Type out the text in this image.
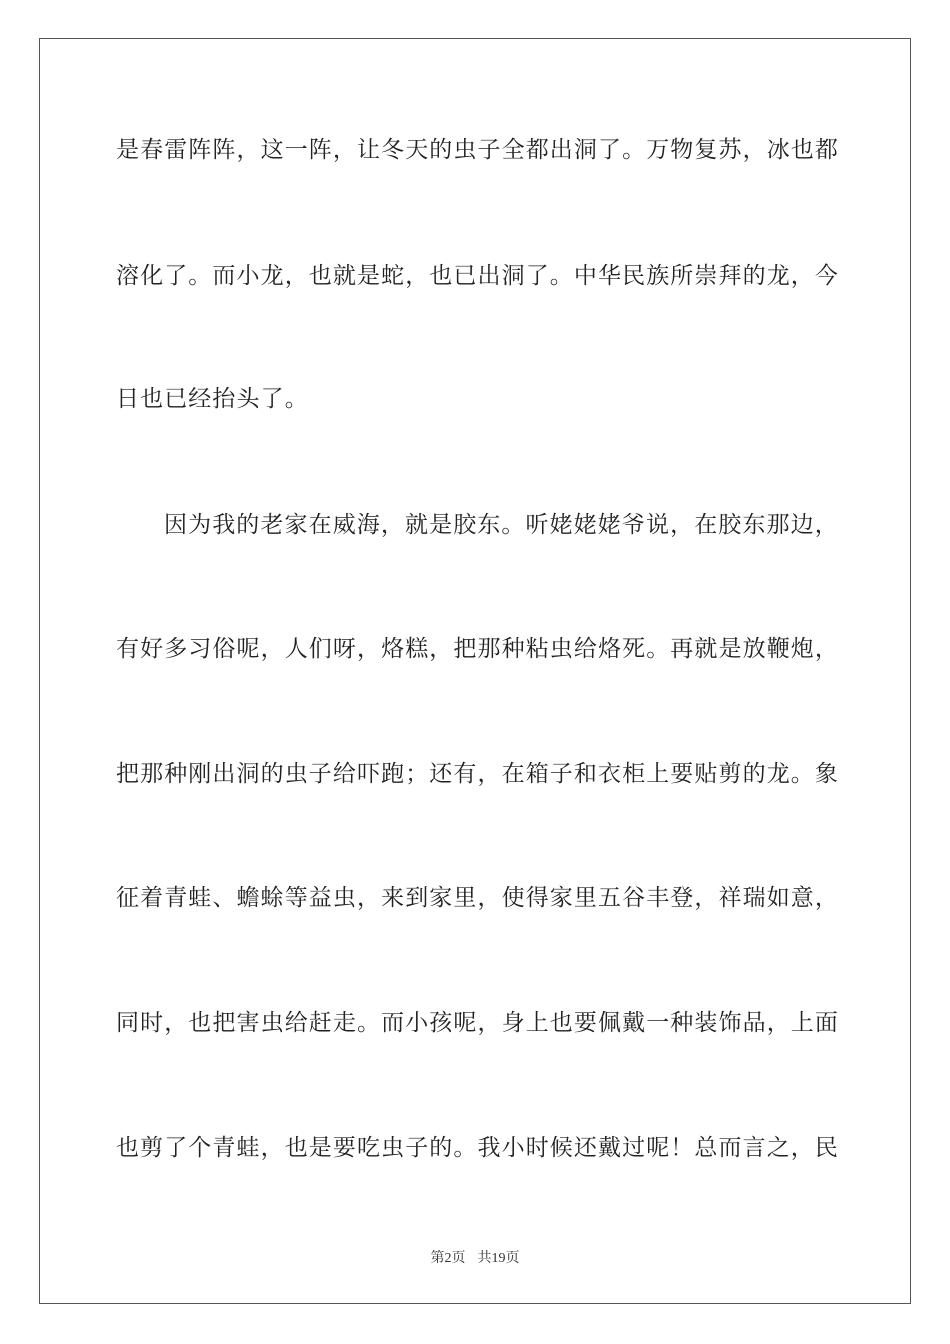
是春雷阵阵，这一阵，让冬天的虫子全都出洞了。万物复苏，冰也都
溶化了。而小龙，也就是蛇，也已出洞了。中华民族所崇拜的龙，今
日也已经抬头了。
因为我的老家在威海，就是胶东。听姥姥姥爷说，在胶东那边，
有好多习俗呢，人们呀，烙糕，把那种粘虫给烙死。再就是放鞭炮，
把那种刚出洞的虫子给吓跑；还有，在箱子和衣柜上要贴剪的龙。象
征着青蛙、蟾蜍等益虫，来到家里，使得家里五谷丰登，祥瑞如意，
同时，也把害虫给赶走。而小孩呢，身上也要佩戴一种装饰品，上面
也剪了个青蛙，也是要吃虫子的。我小时候还戴过呢！总而言之，民
第2页 共19页
